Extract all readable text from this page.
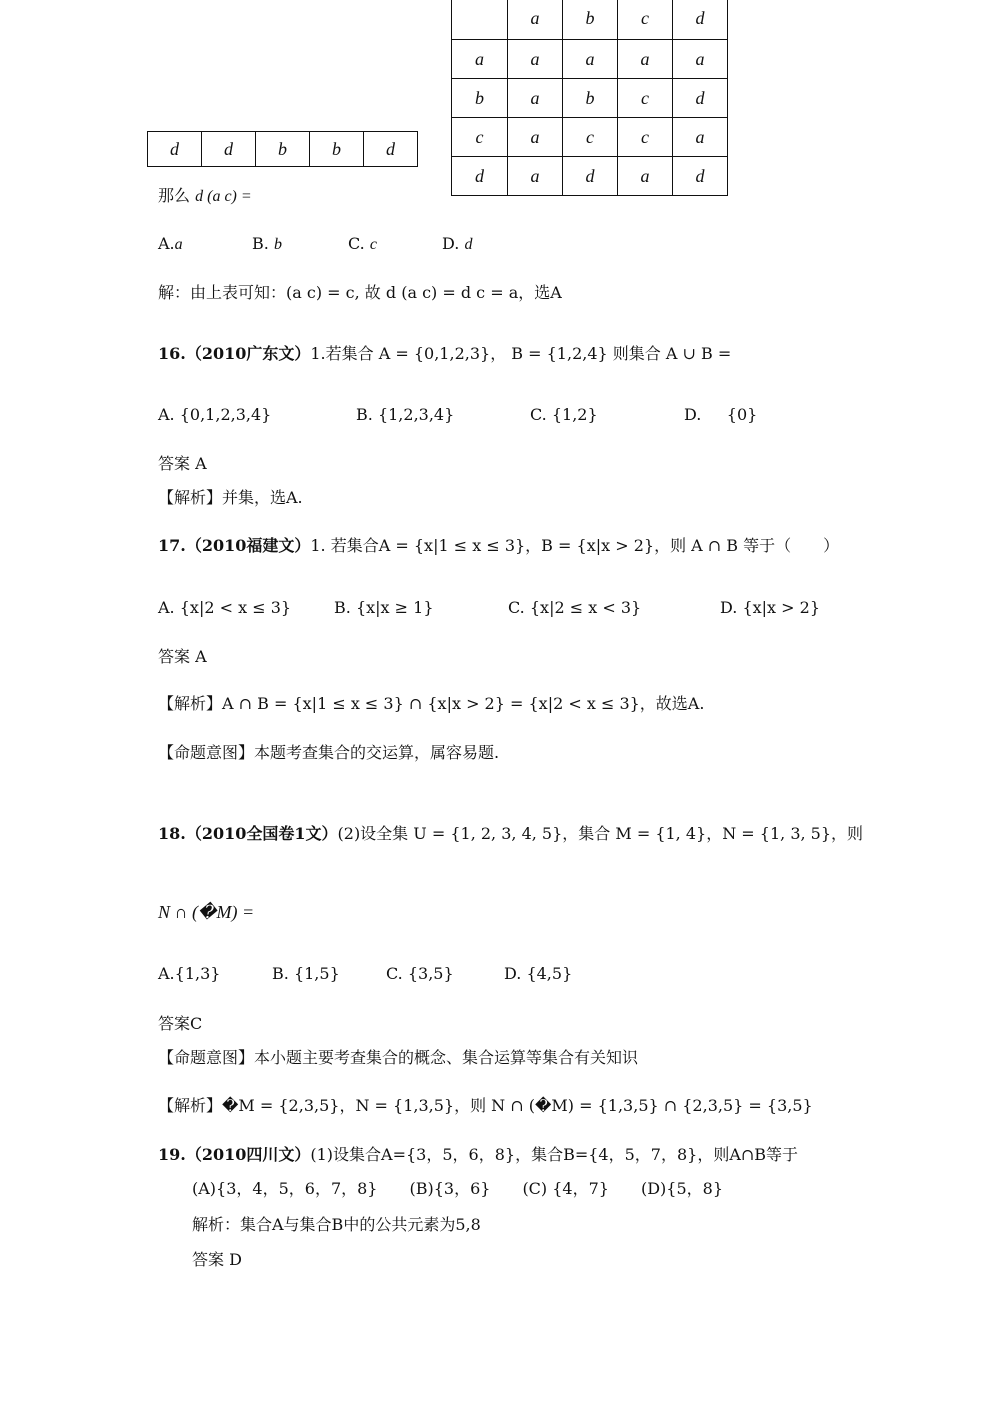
	a	b	c	d
a	a	a	a	a
b	a	b	c	d
c	a	c	c	a
d	a	d	a	d
d	d	b	b	d
那么 d (a c) =
A.a	B. b	C. c	D. d
解：由上表可知：(a c) = c, 故 d (a c) = d c = a，选A
16.（2010广东文）1.若集合 A = {0,1,2,3}， B = {1,2,4} 则集合 A ∪ B =
A. {0,1,2,3,4}	B. {1,2,3,4}	C. {1,2}	D. {0}
答案 A
【解析】并集，选A.
17.（2010福建文）1. 若集合A = {x|1 ≤ x ≤ 3}，B = {x|x > 2}，则 A ∩ B 等于（　　）
A. {x|2 < x ≤ 3}	B. {x|x ≥ 1}	C. {x|2 ≤ x < 3}	D. {x|x > 2}
答案 A
【解析】A ∩ B = {x|1 ≤ x ≤ 3} ∩ {x|x > 2} = {x|2 < x ≤ 3}，故选A.
【命题意图】本题考查集合的交运算，属容易题.
18.（2010全国卷1文）(2)设全集 U = {1, 2, 3, 4, 5}，集合 M = {1, 4}，N = {1, 3, 5}，则
N ∩ (�M) =
A.{1,3}	B. {1,5}	C. {3,5}	D. {4,5}
答案C
【命题意图】本小题主要考查集合的概念、集合运算等集合有关知识
【解析】�M = {2,3,5}，N = {1,3,5}，则 N ∩ (�M) = {1,3,5} ∩ {2,3,5} = {3,5}
19.（2010四川文）(1)设集合A={3，5，6，8}，集合B={4，5，7，8}，则A∩B等于
(A){3，4，5，6，7，8}　　(B){3，6}　　(C) {4，7}　　(D){5，8}
解析：集合A与集合B中的公共元素为5,8
答案 D
